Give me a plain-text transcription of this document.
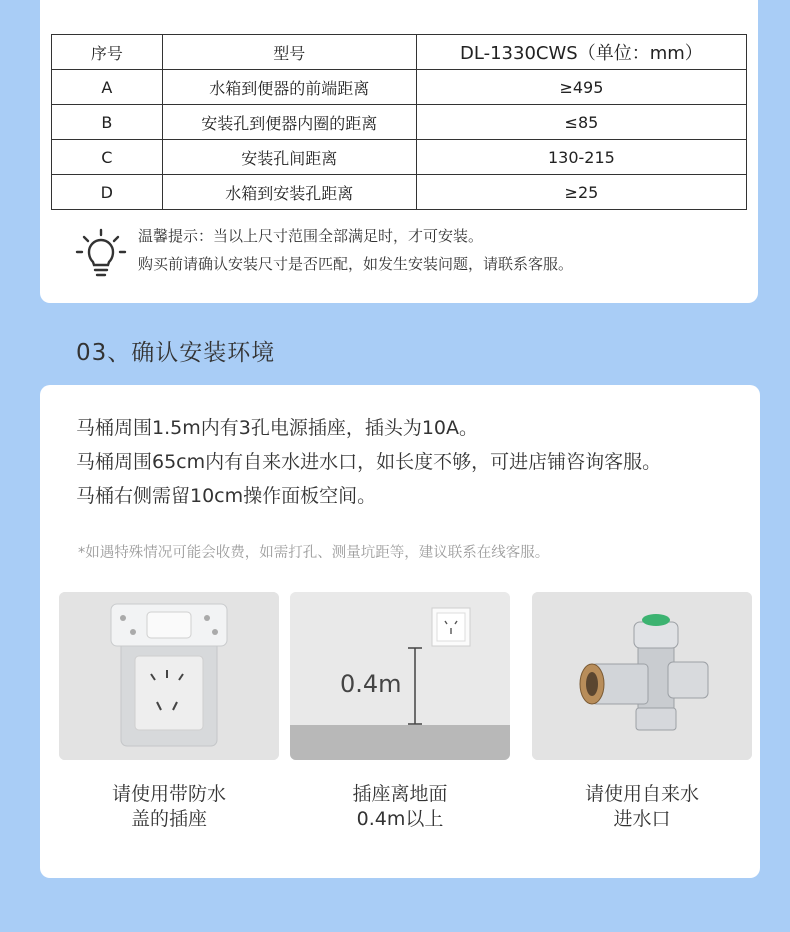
序号	型号	DL-1330CWS（单位：mm）
A	水箱到便器的前端距离	≥495
B	安装孔到便器内圈的距离	≤85
C	安装孔间距离	130-215
D	水箱到安装孔距离	≥25
温馨提示：当以上尺寸范围全部满足时，才可安装。
购买前请确认安装尺寸是否匹配，如发生安装问题，请联系客服。
03、确认安装环境
马桶周围1.5m内有3孔电源插座，插头为10A。
马桶周围65cm内有自来水进水口，如长度不够，可进店铺咨询客服。
马桶右侧需留10cm操作面板空间。
*如遇特殊情况可能会收费，如需打孔、测量坑距等，建议联系在线客服。
0.4m
请使用带防水
盖的插座
插座离地面
0.4m以上
请使用自来水
进水口
